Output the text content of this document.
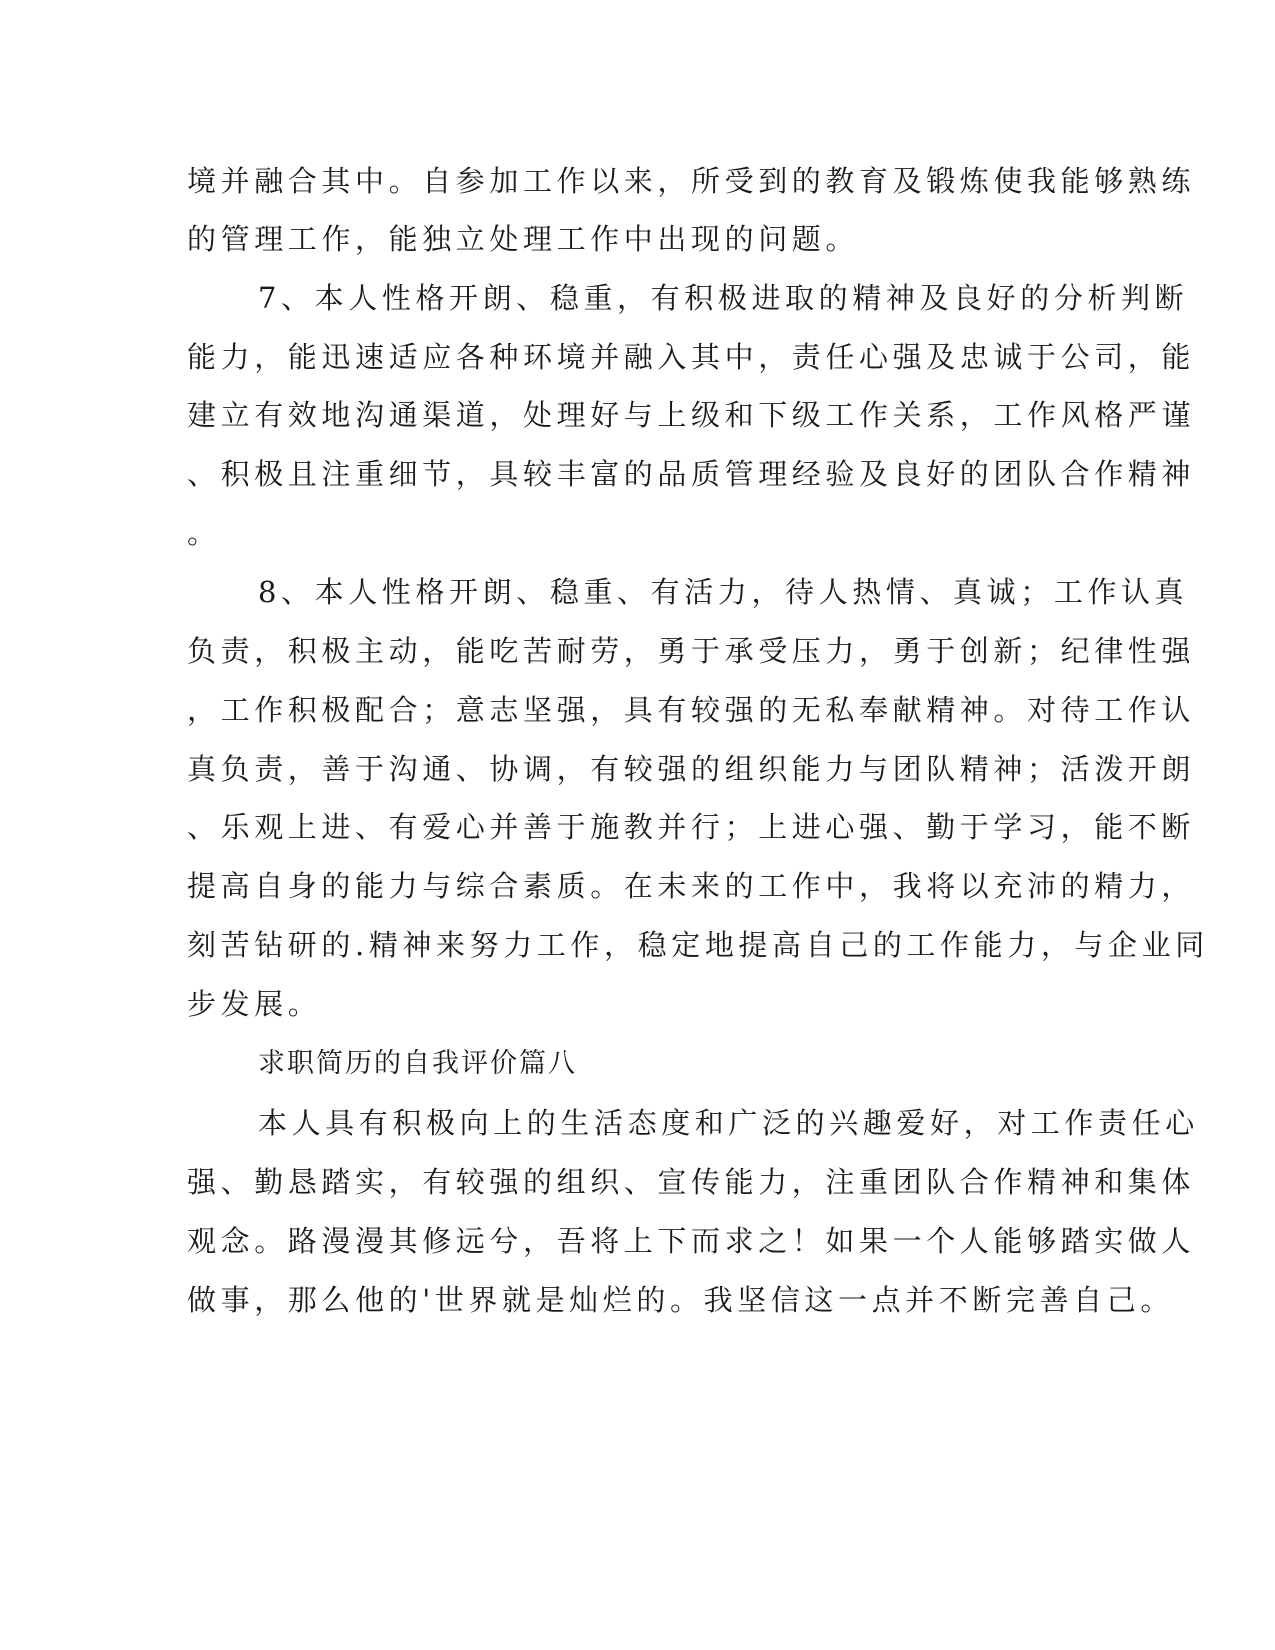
境并融合其中。自参加工作以来，所受到的教育及锻炼使我能够熟练
的管理工作，能独立处理工作中出现的问题。
7、本人性格开朗、稳重，有积极进取的精神及良好的分析判断
能力，能迅速适应各种环境并融入其中，责任心强及忠诚于公司，能
建立有效地沟通渠道，处理好与上级和下级工作关系，工作风格严谨
、积极且注重细节，具较丰富的品质管理经验及良好的团队合作精神
。
8、本人性格开朗、稳重、有活力，待人热情、真诚；工作认真
负责，积极主动，能吃苦耐劳，勇于承受压力，勇于创新；纪律性强
，工作积极配合；意志坚强，具有较强的无私奉献精神。对待工作认
真负责，善于沟通、协调，有较强的组织能力与团队精神；活泼开朗
、乐观上进、有爱心并善于施教并行；上进心强、勤于学习，能不断
提高自身的能力与综合素质。在未来的工作中，我将以充沛的精力，
刻苦钻研的.精神来努力工作，稳定地提高自己的工作能力，与企业同
步发展。
求职简历的自我评价篇八
本人具有积极向上的生活态度和广泛的兴趣爱好，对工作责任心
强、勤恳踏实，有较强的组织、宣传能力，注重团队合作精神和集体
观念。路漫漫其修远兮，吾将上下而求之！如果一个人能够踏实做人
做事，那么他的'世界就是灿烂的。我坚信这一点并不断完善自己。
